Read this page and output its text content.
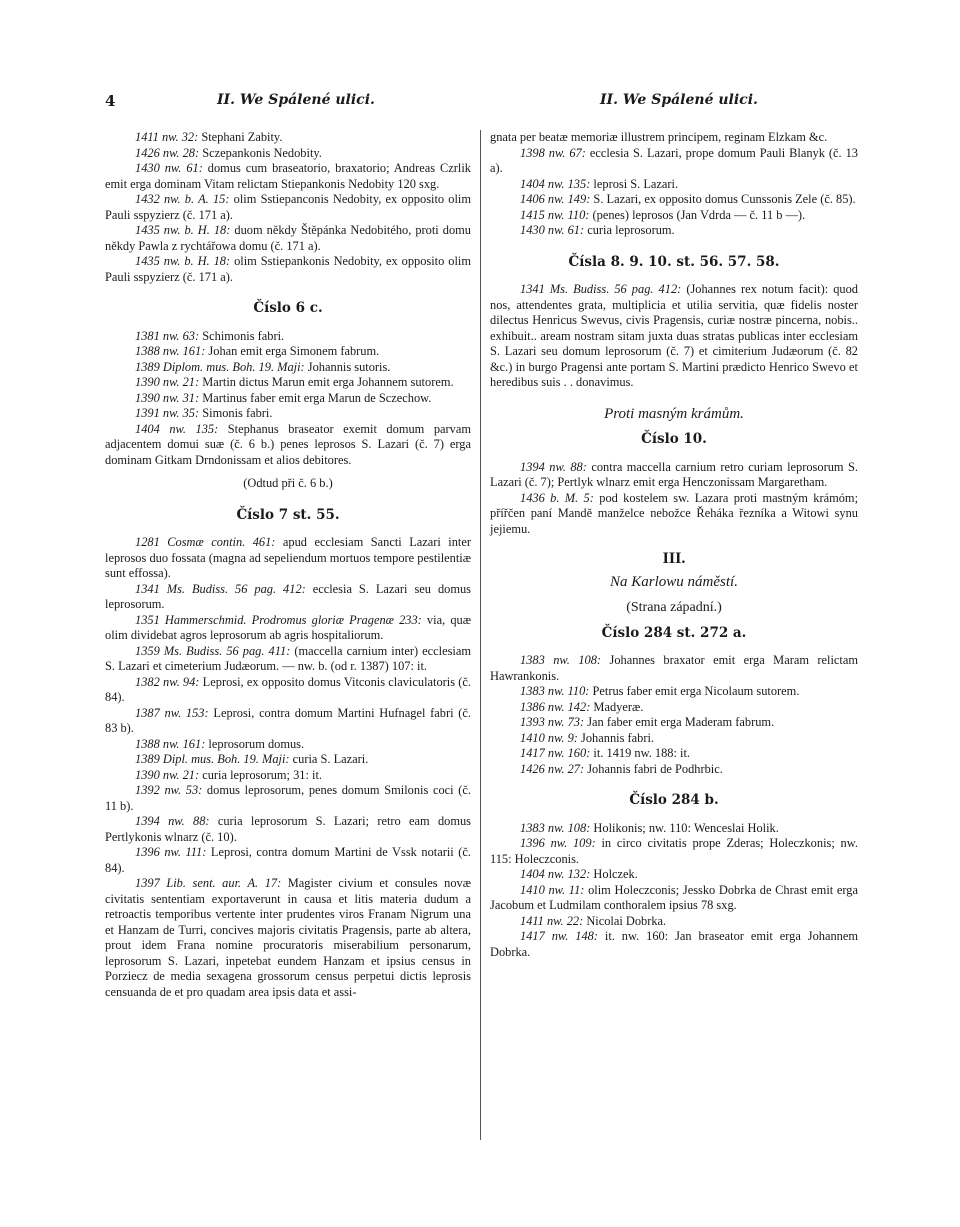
4	II. We Spálené ulici.	II. We Spálené ulici.

1411 nw. 32: Stephani Zabity.

1426 nw. 28: Sczepankonis Nedobity.

1430 nw. 61: domus cum braseatorio, braxatorio; Andreas Czrlik emit erga dominam Vitam relictam Stiepankonis Nedobity 120 sxg.

1432 nw. b. A. 15: olim Sstiepanconis Nedobity, ex opposito olim Pauli sspyzierz (č. 171 a).

1435 nw. b. H. 18: duom někdy Štěpánka Nedobitého, proti domu někdy Pawla z rychtářowa domu (č. 171 a).

1435 nw. b. H. 18: olim Sstiepankonis Nedobity, ex opposito olim Pauli sspyzierz (č. 171 a).

Číslo 6 c.

1381 nw. 63: Schimonis fabri.

1388 nw. 161: Johan emit erga Simonem fabrum.

1389 Diplom. mus. Boh. 19. Maji: Johannis sutoris.

1390 nw. 21: Martin dictus Marun emit erga Johannem sutorem.

1390 nw. 31: Martinus faber emit erga Marun de Sczechow.

1391 nw. 35: Simonis fabri.

1404 nw. 135: Stephanus braseator exemit domum parvam adjacentem domui suæ (č. 6 b.) penes leprosos S. Lazari (č. 7) erga dominam Gitkam Drndonissam et alios debitores.

(Odtud při č. 6 b.)
Číslo 7 st. 55.

1281 Cosmæ contin. 461: apud ecclesiam Sancti Lazari inter leprosos duo fossata (magna ad sepeliendum mortuos tempore pestilentiæ sunt effossa).

1341 Ms. Budiss. 56 pag. 412: ecclesia S. Lazari seu domus leprosorum.

1351 Hammerschmid. Prodromus gloriæ Pragenæ 233: via, quæ olim dividebat agros leprosorum ab agris hospitaliorum.

1359 Ms. Budiss. 56 pag. 411: (maccella carnium inter) ecclesiam S. Lazari et cimeterium Judæorum. — nw. b. (od r. 1387) 107: it.

1382 nw. 94: Leprosi, ex opposito domus Vitconis claviculatoris (č. 84).

1387 nw. 153: Leprosi, contra domum Martini Hufnagel fabri (č. 83 b).

1388 nw. 161: leprosorum domus.

1389 Dipl. mus. Boh. 19. Maji: curia S. Lazari.

1390 nw. 21: curia leprosorum; 31: it.

1392 nw. 53: domus leprosorum, penes domum Smilonis coci (č. 11 b).

1394 nw. 88: curia leprosorum S. Lazari; retro eam domus Pertlykonis wlnarz (č. 10).

1396 nw. 111: Leprosi, contra domum Martini de Vssk notarii (č. 84).

1397 Lib. sent. aur. A. 17: Magister civium et consules novæ civitatis sententiam exportaverunt in causa et litis materia dudum a retroactis temporibus vertente inter prudentes viros Franam Nigrum una et Hanzam de Turri, concives majoris civitatis Pragensis, parte ab altera, prout idem Frana nomine procuratoris miserabilium personarum, leprosorum S. Lazari, inpetebat eundem Hanzam et ipsius census in Porziecz de media sexagena grossorum census perpetui dictis leprosis censuanda de et pro quadam area ipsis data et assi-

gnata per beatæ memoriæ illustrem principem, reginam Elzkam &c.

1398 nw. 67: ecclesia S. Lazari, prope domum Pauli Blanyk (č. 13 a).

1404 nw. 135: leprosi S. Lazari.

1406 nw. 149: S. Lazari, ex opposito domus Cunssonis Zele (č. 85).

1415 nw. 110: (penes) leprosos (Jan Vdrda — č. 11 b —).

1430 nw. 61: curia leprosorum.

Čísla 8. 9. 10. st. 56. 57. 58.

1341 Ms. Budiss. 56 pag. 412: (Johannes rex notum facit): quod nos, attendentes grata, multiplicia et utilia servitia, quæ fidelis noster dilectus Henricus Swevus, civis Pragensis, curiæ nostræ pincerna, nobis.. exhibuit.. aream nostram sitam juxta duas stratas publicas inter ecclesiam S. Lazari seu domum leprosorum (č. 7) et cimiterium Judæorum (č. 82 &c.) in burgo Pragensi ante portam S. Martini prædicto Henrico Swevo et heredibus suis . . donavimus.

Proti masným krámům.
Číslo 10.

1394 nw. 88: contra maccella carnium retro curiam leprosorum S. Lazari (č. 7); Pertlyk wlnarz emit erga Henczonissam Margaretham.

1436 b. M. 5: pod kostelem sw. Lazara proti mastným krámóm; přířčen paní Mandě manželce nebožce Řeháka řezníka a Witowi synu jejiemu.

III.
Na Karlowu náměstí.
(Strana západní.)
Číslo 284 st. 272 a.

1383 nw. 108: Johannes braxator emit erga Maram relictam Hawrankonis.

1383 nw. 110: Petrus faber emit erga Nicolaum sutorem.

1386 nw. 142: Madyeræ.

1393 nw. 73: Jan faber emit erga Maderam fabrum.

1410 nw. 9: Johannis fabri.

1417 nw. 160: it. 1419 nw. 188: it.

1426 nw. 27: Johannis fabri de Podhrbic.

Číslo 284 b.

1383 nw. 108: Holikonis; nw. 110: Wenceslai Holik.

1396 nw. 109: in circo civitatis prope Zderas; Holeczkonis; nw. 115: Holeczconis.

1404 nw. 132: Holczek.

1410 nw. 11: olim Holeczconis; Jessko Dobrka de Chrast emit erga Jacobum et Ludmilam conthoralem ipsius 78 sxg.

1411 nw. 22: Nicolai Dobrka.

1417 nw. 148: it. nw. 160: Jan braseator emit erga Johannem Dobrka.
